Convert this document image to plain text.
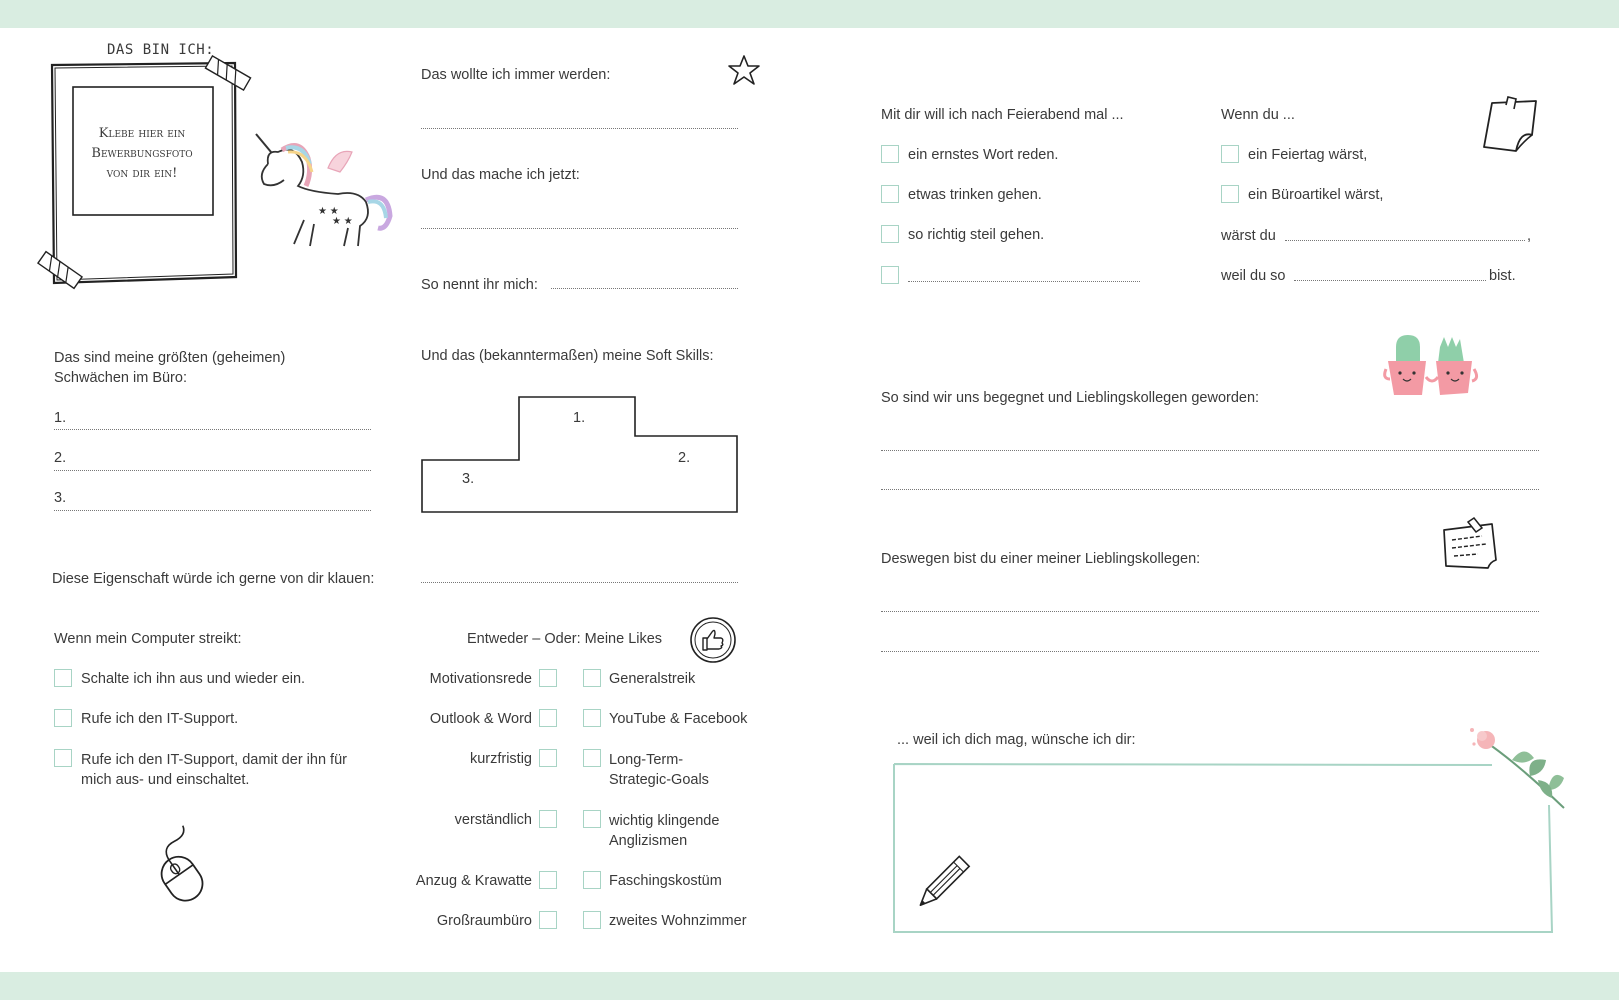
DAS BIN ICH:
Klebe hier ein Bewerbungsfoto von dir ein!
★ ★
★ ★
Das wollte ich immer werden:
Und das mache ich jetzt:
So nennt ihr mich:
Das sind meine größten (geheimen) Schwächen im Büro:
1.
2.
3.
Und das (bekanntermaßen) meine Soft Skills:
1.
2.
3.
Diese Eigenschaft würde ich gerne von dir klauen:
Wenn mein Computer streikt:
Schalte ich ihn aus und wieder ein.
Rufe ich den IT-Support.
Rufe ich den IT-Support, damit der ihn für mich aus- und einschaltet.
Entweder – Oder: Meine Likes
Motivationsrede	Generalstreik
Outlook & Word	YouTube & Facebook
kurzfristig	Long-Term-Strategic-Goals
verständlich	wichtig klingende Anglizismen
Anzug & Krawatte	Faschingskostüm
Großraumbüro	zweites Wohnzimmer
Mit dir will ich nach Feierabend mal ...
ein ernstes Wort reden.
etwas trinken gehen.
so richtig steil gehen.
Wenn du ...
ein Feiertag wärst,
ein Büroartikel wärst,
wärst du	,
weil du so	bist.
So sind wir uns begegnet und Lieblingskollegen geworden:
Deswegen bist du einer meiner Lieblingskollegen:
... weil ich dich mag, wünsche ich dir:
